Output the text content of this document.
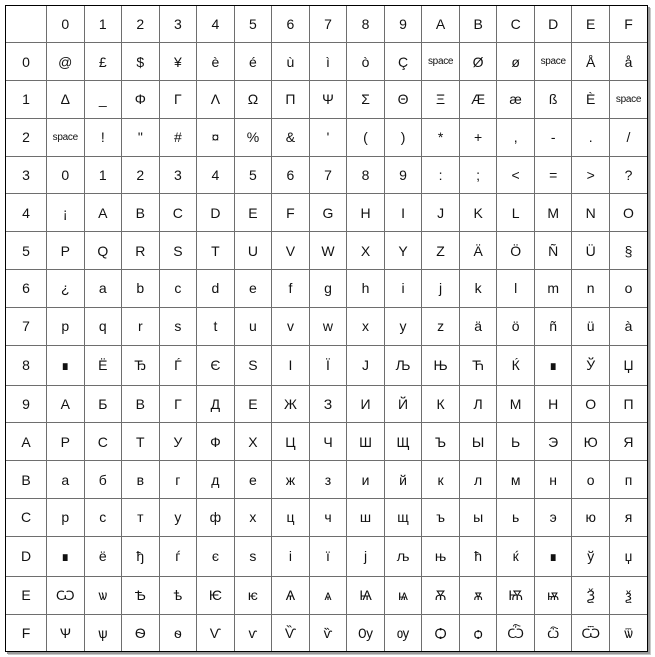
	0	1	2	3	4	5	6	7	8	9	A	B	C	D	E	F
0	@	£	$	¥	è	é	ù	ì	ò	Ç	space	Ø	ø	space	Å	å
1	Δ	_	Φ	Γ	Λ	Ω	Π	Ψ	Σ	Θ	Ξ	Æ	æ	ß	È	space
2	space	!	"	#	¤	%	&	'	(	)	*	+	,	-	.	/
3	0	1	2	3	4	5	6	7	8	9	:	;	<	=	>	?
4	¡	A	B	C	D	E	F	G	H	I	J	K	L	M	N	O
5	P	Q	R	S	T	U	V	W	X	Y	Z	Ä	Ö	Ñ	Ü	§
6	¿	a	b	c	d	e	f	g	h	i	j	k	l	m	n	o
7	p	q	r	s	t	u	v	w	x	y	z	ä	ö	ñ	ü	à
8	∎	Ë	Ђ	Ѓ	Є	S	I	Ї	J	Љ	Њ	Ћ	Ќ	∎	Ў	Џ
9	А	Б	В	Г	Д	Е	Ж	З	И	Й	К	Л	М	Н	О	П
A	Р	С	Т	У	Ф	Х	Ц	Ч	Ш	Щ	Ъ	Ы	Ь	Э	Ю	Я
B	а	б	в	г	д	е	ж	з	и	й	к	л	м	н	о	п
C	р	с	т	у	ф	х	ц	ч	ш	щ	ъ	ы	ь	э	ю	я
D	∎	ё	ђ	ѓ	є	s	i	ї	j	љ	њ	ћ	ќ	∎	ў	џ
E	Ѡ	ѡ	Ѣ	ѣ	Ѥ	ѥ	Ѧ	ѧ	Ѩ	ѩ	Ѫ	ѫ	Ѭ	ѭ	Ѯ	ѯ
F	Ѱ	ѱ	Ѳ	ѳ	Ѵ	ѵ	Ѷ	ѷ	Ѹ	ѹ	Ѻ	ѻ	Ѽ	ѽ	Ѿ	ѿ
